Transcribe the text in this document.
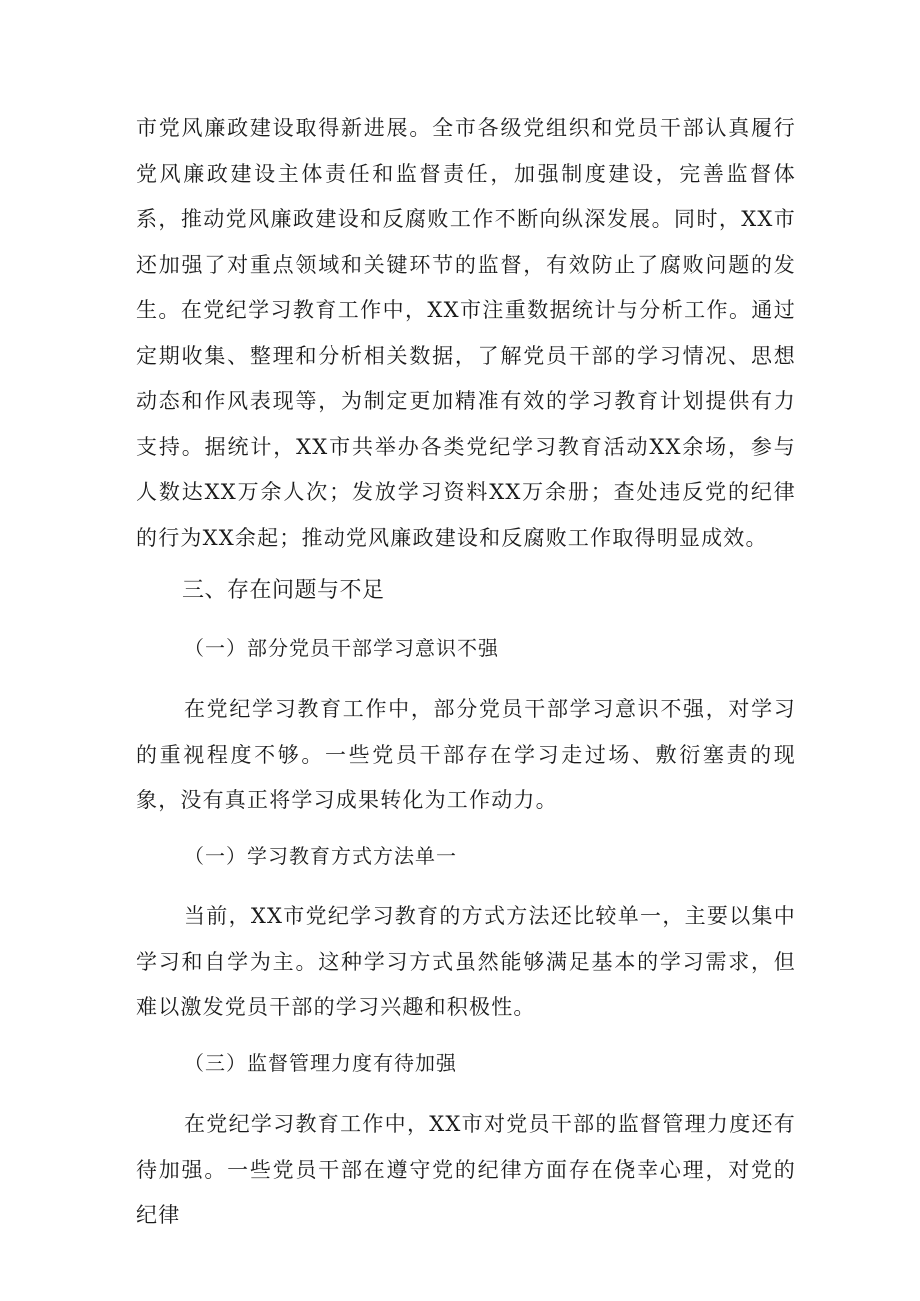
市党风廉政建设取得新进展。全市各级党组织和党员干部认真履行党风廉政建设主体责任和监督责任，加强制度建设，完善监督体系，推动党风廉政建设和反腐败工作不断向纵深发展。同时，XX市还加强了对重点领域和关键环节的监督，有效防止了腐败问题的发生。在党纪学习教育工作中，XX市注重数据统计与分析工作。通过定期收集、整理和分析相关数据，了解党员干部的学习情况、思想动态和作风表现等，为制定更加精准有效的学习教育计划提供有力支持。据统计，XX市共举办各类党纪学习教育活动XX余场，参与人数达XX万余人次；发放学习资料XX万余册；查处违反党的纪律的行为XX余起；推动党风廉政建设和反腐败工作取得明显成效。

三、存在问题与不足
（一）部分党员干部学习意识不强

在党纪学习教育工作中，部分党员干部学习意识不强，对学习的重视程度不够。一些党员干部存在学习走过场、敷衍塞责的现象，没有真正将学习成果转化为工作动力。

（一）学习教育方式方法单一

当前，XX市党纪学习教育的方式方法还比较单一，主要以集中学习和自学为主。这种学习方式虽然能够满足基本的学习需求，但难以激发党员干部的学习兴趣和积极性。

（三）监督管理力度有待加强

在党纪学习教育工作中，XX市对党员干部的监督管理力度还有待加强。一些党员干部在遵守党的纪律方面存在侥幸心理，对党的纪律
